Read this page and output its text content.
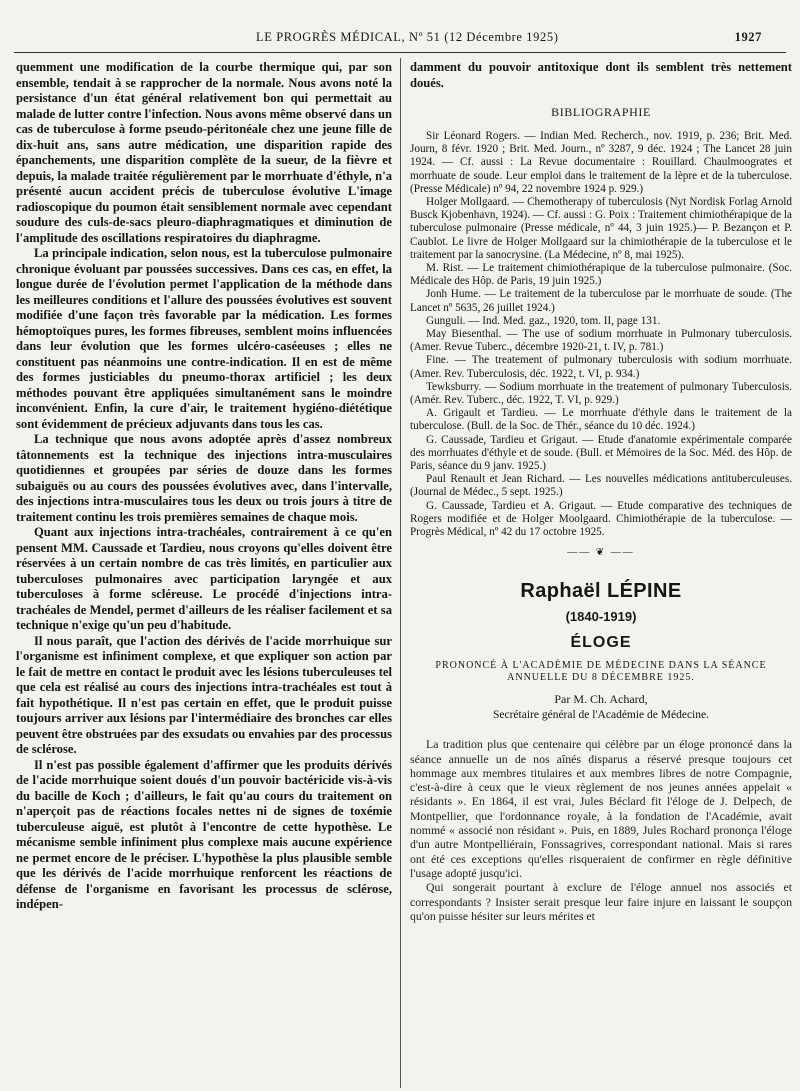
LE PROGRÈS MÉDICAL, Nº 51 (12 Décembre 1925)	1927

quemment une modification de la courbe thermique qui, par son ensemble, tendait à se rapprocher de la normale. Nous avons noté la persistance d'un état général relativement bon qui permettait au malade de lutter contre l'infection. Nous avons même observé dans un cas de tuberculose à forme pseudo-péritonéale chez une jeune fille de dix-huit ans, sans autre médication, une disparition rapide des épanchements, une disparition complète de la sueur, de la fièvre et depuis, la malade traitée régulièrement par le morrhuate d'éthyle, n'a présenté aucun accident précis de tuberculose évolutive L'image radioscopique du poumon était sensiblement normale avec cependant soudure des culs-de-sacs pleuro-diaphragmatiques et diminution de l'amplitude des oscillations respiratoires du diaphragme.

La principale indication, selon nous, est la tuberculose pulmonaire chronique évoluant par poussées successives. Dans ces cas, en effet, la longue durée de l'évolution permet l'application de la méthode dans les meilleures conditions et l'allure des poussées évolutives est souvent modifiée d'une façon très favorable par la médication. Les formes hémoptoïques pures, les formes fibreuses, semblent moins influencées dans leur évolution que les formes ulcéro-caséeuses ; elles ne constituent pas néanmoins une contre-indication. Il en est de même des formes justiciables du pneumo-thorax artificiel ; les deux méthodes pouvant être appliquées simultanément sans le moindre inconvénient. Enfin, la cure d'air, le traitement hygiéno-diététique sont évidemment de précieux adjuvants dans tous les cas.

La technique que nous avons adoptée après d'assez nombreux tâtonnements est la technique des injections intra-musculaires quotidiennes et groupées par séries de douze dans les formes subaiguës ou au cours des poussées évolutives avec, dans l'intervalle, des injections intra-musculaires tous les deux ou trois jours à titre de traitement continu les trois premières semaines de chaque mois.

Quant aux injections intra-trachéales, contrairement à ce qu'en pensent MM. Caussade et Tardieu, nous croyons qu'elles doivent être réservées à un certain nombre de cas très limités, en particulier aux tuberculoses pulmonaires avec participation laryngée et aux tuberculoses à forme scléreuse. Le procédé d'injections intra-trachéales de Mendel, permet d'ailleurs de les réaliser facilement et sa technique n'exige qu'un peu d'habitude.

Il nous paraît, que l'action des dérivés de l'acide morrhuique sur l'organisme est infiniment complexe, et que expliquer son action par le fait de mettre en contact le produit avec les lésions tuberculeuses tel que cela est réalisé au cours des injections intra-trachéales est tout à fait hypothétique. Il n'est pas certain en effet, que le produit puisse toujours arriver aux lésions par l'intermédiaire des bronches car elles peuvent être obstruées par des exsudats ou envahies par des processus de sclérose.

Il n'est pas possible également d'affirmer que les produits dérivés de l'acide morrhuique soient doués d'un pouvoir bactéricide vis-à-vis du bacille de Koch ; d'ailleurs, le fait qu'au cours du traitement on n'aperçoit pas de réactions focales nettes ni de signes de toxémie tuberculeuse aiguë, est plutôt à l'encontre de cette hypothèse. Le mécanisme semble infiniment plus complexe mais aucune expérience ne permet encore de le préciser. L'hypothèse la plus plausible semble que les dérivés de l'acide morrhuique renforcent les réactions de défense de l'organisme en favorisant les processus de sclérose, indépen-

damment du pouvoir antitoxique dont ils semblent très nettement doués.

BIBLIOGRAPHIE

Sir Léonard Rogers. — Indian Med. Recherch., nov. 1919, p. 236; Brit. Med. Journ, 8 févr. 1920 ; Brit. Med. Journ., nº 3287, 9 déc. 1924 ; The Lancet 28 juin 1924. — Cf. aussi : La Revue documentaire : Rouillard. Chaulmoogrates et morrhuate de soude. Leur emploi dans le traitement de la lèpre et de la tuberculose. (Presse Médicale) nº 94, 22 novembre 1924 p. 929.)

Holger Mollgaard. — Chemotherapy of tuberculosis (Nyt Nordisk Forlag Arnold Busck Kjobenhavn, 1924). — Cf. aussi : G. Poix : Traitement chimiothérapique de la tuberculose pulmonaire (Presse médicale, nº 44, 3 juin 1925.)— P. Bezançon et P. Caublot. Le livre de Holger Mollgaard sur la chimiothérapie de la tuberculose et le traitement par la sanocrysine. (La Médecine, nº 8, mai 1925).

M. Rist. — Le traitement chimiothérapique de la tuberculose pulmonaire. (Soc. Médicale des Hôp. de Paris, 19 juin 1925.)

Jonh Hume. — Le traitement de la tuberculose par le morrhuate de soude. (The Lancet nº 5635, 26 juillet 1924.)

Gunguli. — Ind. Med. gaz., 1920, tom. II, page 131.

May Biesenthal. — The use of sodium morrhuate in Pulmonary tuberculosis. (Amer. Revue Tuberc., décembre 1920-21, t. IV, p. 781.)

Fine. — The treatement of pulmonary tuberculosis with sodium morrhuate. (Amer. Rev. Tuberculosis, déc. 1922, t. VI, p. 934.)

Tewksburry. — Sodium morrhuate in the treatement of pulmonary Tuberculosis. (Amér. Rev. Tuberc., déc. 1922, T. VI, p. 929.)

A. Grigault et Tardieu. — Le morrhuate d'éthyle dans le traitement de la tuberculose. (Bull. de la Soc. de Thér., séance du 10 déc. 1924.)

G. Caussade, Tardieu et Grigaut. — Etude d'anatomie expérimentale comparée des morrhuates d'éthyle et de soude. (Bull. et Mémoires de la Soc. Méd. des Hôp. de Paris, séance du 9 janv. 1925.)

Paul Renault et Jean Richard. — Les nouvelles médications antituberculeuses. (Journal de Médec., 5 sept. 1925.)

G. Caussade, Tardieu et A. Grigaut. — Etude comparative des techniques de Rogers modifiée et de Holger Moolgaard. Chimiothérapie de la tuberculose. — Progrès Médical, nº 42 du 17 octobre 1925.

—— ❦ ——
Raphaël LÉPINE
(1840-1919)
ÉLOGE
PRONONCÉ À L'ACADÉMIE DE MÉDECINE DANS LA SÉANCE ANNUELLE DU 8 DÉCEMBRE 1925.
Par M. Ch. Achard,
Secrétaire général de l'Académie de Médecine.

La tradition plus que centenaire qui célèbre par un éloge prononcé dans la séance annuelle un de nos aînés disparus a réservé presque toujours cet hommage aux membres titulaires et aux membres libres de notre Compagnie, c'est-à-dire à ceux que le vieux règlement de nos jeunes années appelait « résidants ». En 1864, il est vrai, Jules Béclard fit l'éloge de J. Delpech, de Montpellier, que l'ordonnance royale, à la fondation de l'Académie, avait nommé « associé non résidant ». Puis, en 1889, Jules Rochard prononça l'éloge d'un autre Montpelliérain, Fonssagrives, correspondant national. Mais si rares ont été ces exceptions qu'elles risqueraient de confirmer en règle définitive l'usage adopté jusqu'ici.

Qui songerait pourtant à exclure de l'éloge annuel nos associés et correspondants ? Insister serait presque leur faire injure en laissant le soupçon qu'on puisse hésiter sur leurs mérites et
